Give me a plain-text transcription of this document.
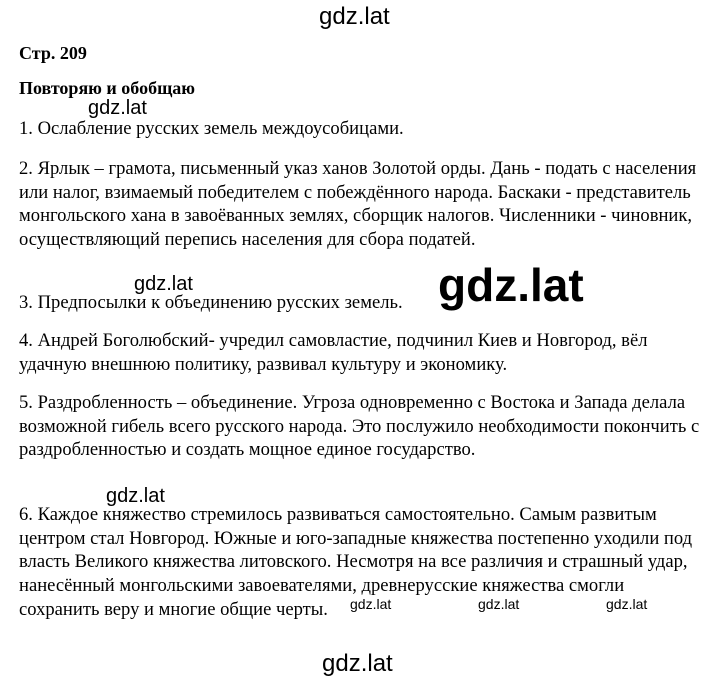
gdz.lat
Стр. 209
Повторяю и обобщаю

1. Ослабление русских земель междоусобицами.

2. Ярлык – грамота, письменный указ ханов Золотой орды. Дань - подать с населения или налог, взимаемый победителем с побеждённого народа. Баскаки - представитель монгольского хана в завоёванных землях, сборщик налогов. Численники - чиновник, осуществляющий перепись населения для сбора податей.

3. Предпосылки к объединению русских земель.

4. Андрей Боголюбский- учредил самовластие, подчинил Киев и Новгород, вёл удачную внешнюю политику, развивал культуру и экономику.

5. Раздробленность – объединение. Угроза одновременно с Востока и Запада делала возможной гибель всего русского народа. Это послужило необходимости покончить с раздробленностью и создать мощное единое государство.

6. Каждое княжество стремилось развиваться самостоятельно. Самым развитым центром стал Новгород. Южные и юго-западные княжества постепенно уходили под власть Великого княжества литовского. Несмотря на все различия и страшный удар, нанесённый монгольскими завоевателями, древнерусские княжества смогли сохранить веру и многие общие черты.

gdz.lat
gdz.lat	gdz.lat
gdz.lat
gdz.lat	gdz.lat	gdz.lat
gdz.lat
